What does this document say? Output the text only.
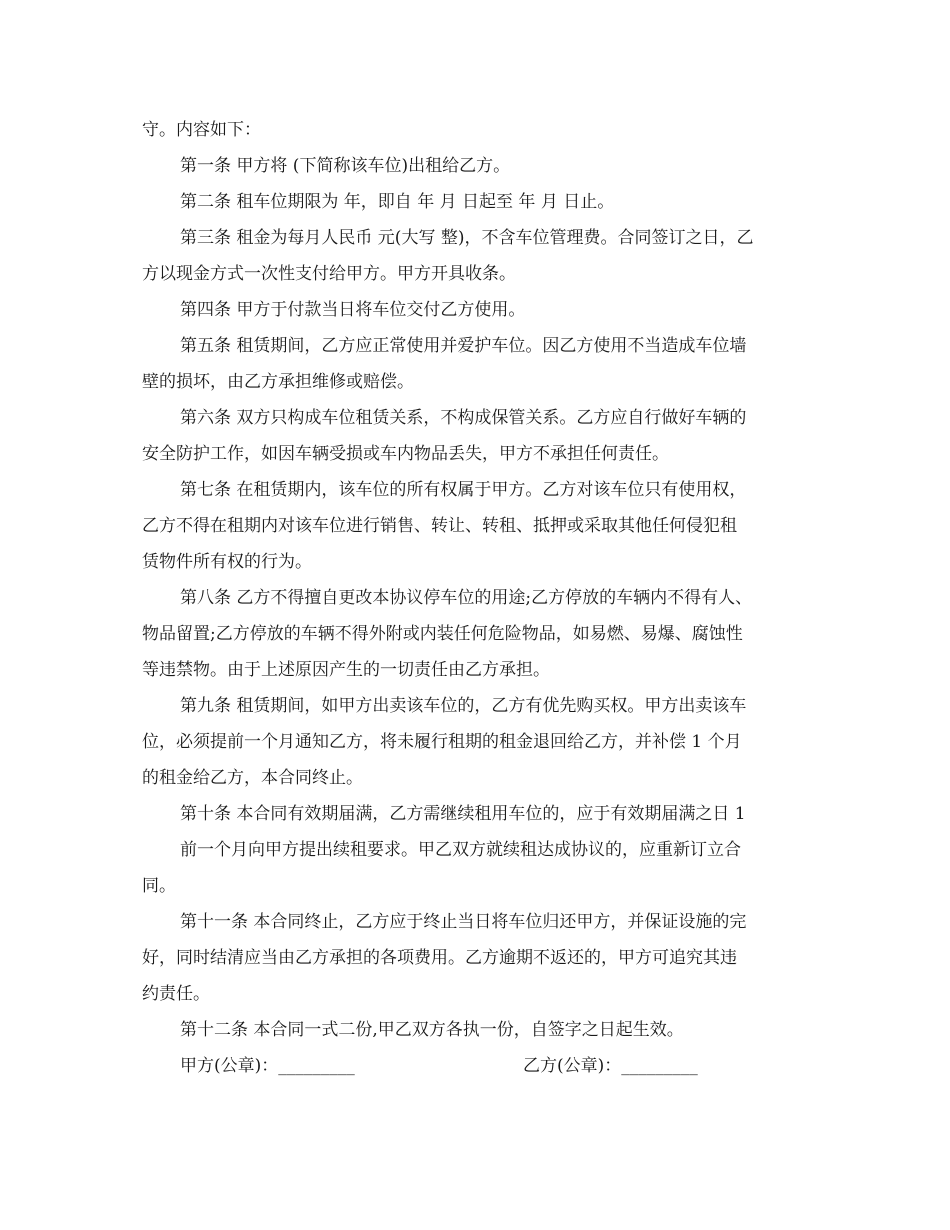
守。内容如下：
第一条 甲方将 (下简称该车位)出租给乙方。
第二条 租车位期限为 年，即自 年 月 日起至 年 月 日止。
第三条 租金为每月人民币 元(大写 整)，不含车位管理费。合同签订之日，乙
方以现金方式一次性支付给甲方。甲方开具收条。
第四条 甲方于付款当日将车位交付乙方使用。
第五条 租赁期间，乙方应正常使用并爱护车位。因乙方使用不当造成车位墙
壁的损坏，由乙方承担维修或赔偿。
第六条 双方只构成车位租赁关系，不构成保管关系。乙方应自行做好车辆的
安全防护工作，如因车辆受损或车内物品丢失，甲方不承担任何责任。
第七条 在租赁期内，该车位的所有权属于甲方。乙方对该车位只有使用权，
乙方不得在租期内对该车位进行销售、转让、转租、抵押或采取其他任何侵犯租
赁物件所有权的行为。
第八条 乙方不得擅自更改本协议停车位的用途;乙方停放的车辆内不得有人、
物品留置;乙方停放的车辆不得外附或内装任何危险物品，如易燃、易爆、腐蚀性
等违禁物。由于上述原因产生的一切责任由乙方承担。
第九条 租赁期间，如甲方出卖该车位的，乙方有优先购买权。甲方出卖该车
位，必须提前一个月通知乙方，将未履行租期的租金退回给乙方，并补偿 1 个月
的租金给乙方，本合同终止。
第十条 本合同有效期届满，乙方需继续租用车位的，应于有效期届满之日 1
前一个月向甲方提出续租要求。甲乙双方就续租达成协议的，应重新订立合
同。
第十一条 本合同终止，乙方应于终止当日将车位归还甲方，并保证设施的完
好，同时结清应当由乙方承担的各项费用。乙方逾期不返还的，甲方可追究其违
约责任。
第十二条 本合同一式二份,甲乙双方各执一份，自签字之日起生效。
甲方(公章)：_________	乙方(公章)：_________
